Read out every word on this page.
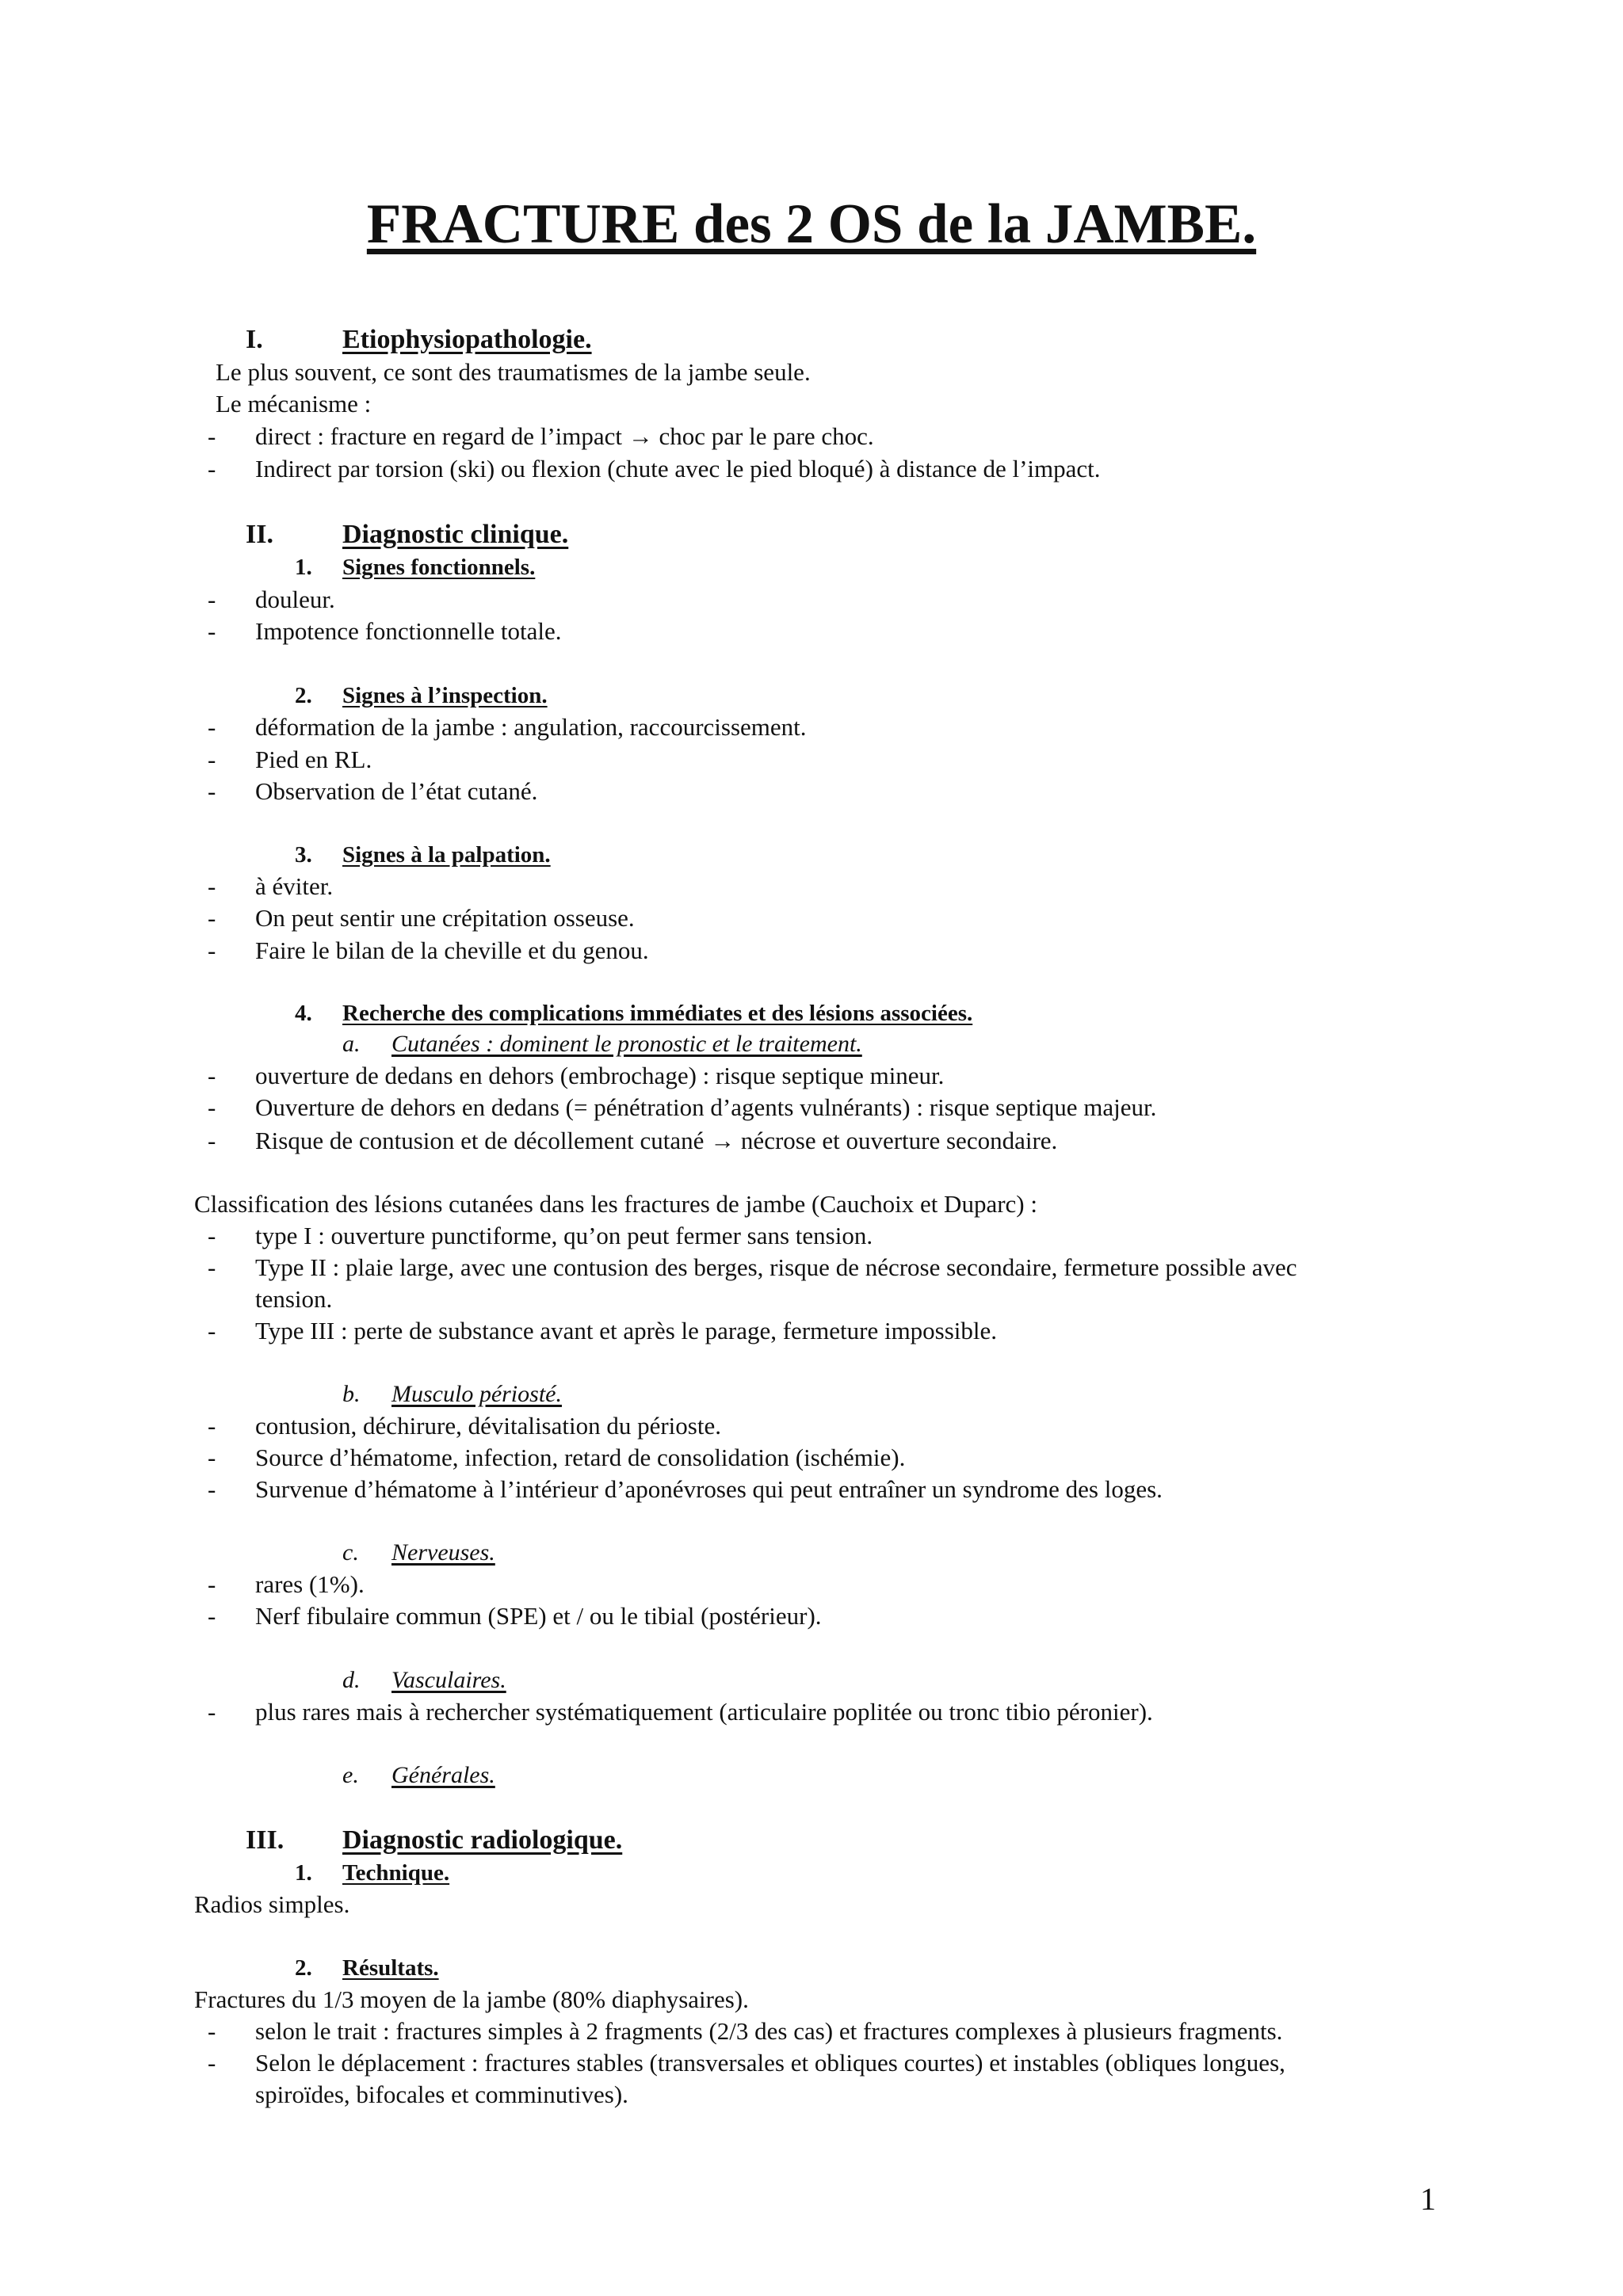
FRACTURE des 2 OS de la JAMBE.
I.	Etiophysiopathologie.
Le plus souvent, ce sont des traumatismes de la jambe seule.
Le mécanisme :
- direct : fracture en regard de l’impact → choc par le pare choc.
- Indirect par torsion (ski) ou flexion (chute avec le pied bloqué) à distance de l’impact.
II.	Diagnostic clinique.
1. Signes fonctionnels.
- douleur.
- Impotence fonctionnelle totale.
2. Signes à l’inspection.
- déformation de la jambe : angulation, raccourcissement.
- Pied en RL.
- Observation de l’état cutané.
3. Signes à la palpation.
- à éviter.
- On peut sentir une crépitation osseuse.
- Faire le bilan de la cheville et du genou.
4. Recherche des complications immédiates et des lésions associées.
a. Cutanées : dominent le pronostic et le traitement.
- ouverture de dedans en dehors (embrochage) : risque septique mineur.
- Ouverture de dehors en dedans (= pénétration d’agents vulnérants) : risque septique majeur.
- Risque de contusion et de décollement cutané → nécrose et ouverture secondaire.
Classification des lésions cutanées dans les fractures de jambe (Cauchoix et Duparc) :
- type I : ouverture punctiforme, qu’on peut fermer sans tension.
- Type II : plaie large, avec une contusion des berges, risque de nécrose secondaire, fermeture possible avec
tension.
- Type III : perte de substance avant et après le parage, fermeture impossible.
b. Musculo périosté.
- contusion, déchirure, dévitalisation du périoste.
- Source d’hématome, infection, retard de consolidation (ischémie).
- Survenue d’hématome à l’intérieur d’aponévroses qui peut entraîner un syndrome des loges.
c. Nerveuses.
- rares (1%).
- Nerf fibulaire commun (SPE) et / ou le tibial (postérieur).
d. Vasculaires.
- plus rares mais à rechercher systématiquement (articulaire poplitée ou tronc tibio péronier).
e. Générales.
III. Diagnostic radiologique.
1. Technique.
Radios simples.
2. Résultats.
Fractures du 1/3 moyen de la jambe (80% diaphysaires).
- selon le trait : fractures simples à 2 fragments (2/3 des cas) et fractures complexes à plusieurs fragments.
- Selon le déplacement : fractures stables (transversales et obliques courtes) et instables (obliques longues,
spiroïdes, bifocales et comminutives).
1
